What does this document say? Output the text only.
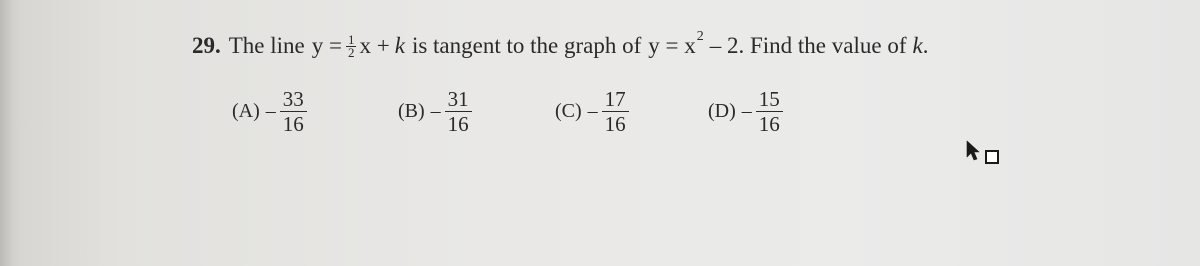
29. The line $y = \frac{1}{2}$ x + k is tangent to the graph of y = x 2 – 2. Find the value of k .
$(A) - \frac{33}{16}$	$(B) - \frac{31}{16}$	$(C) - \frac{17}{16}$	$(D) - \frac{15}{16}$
